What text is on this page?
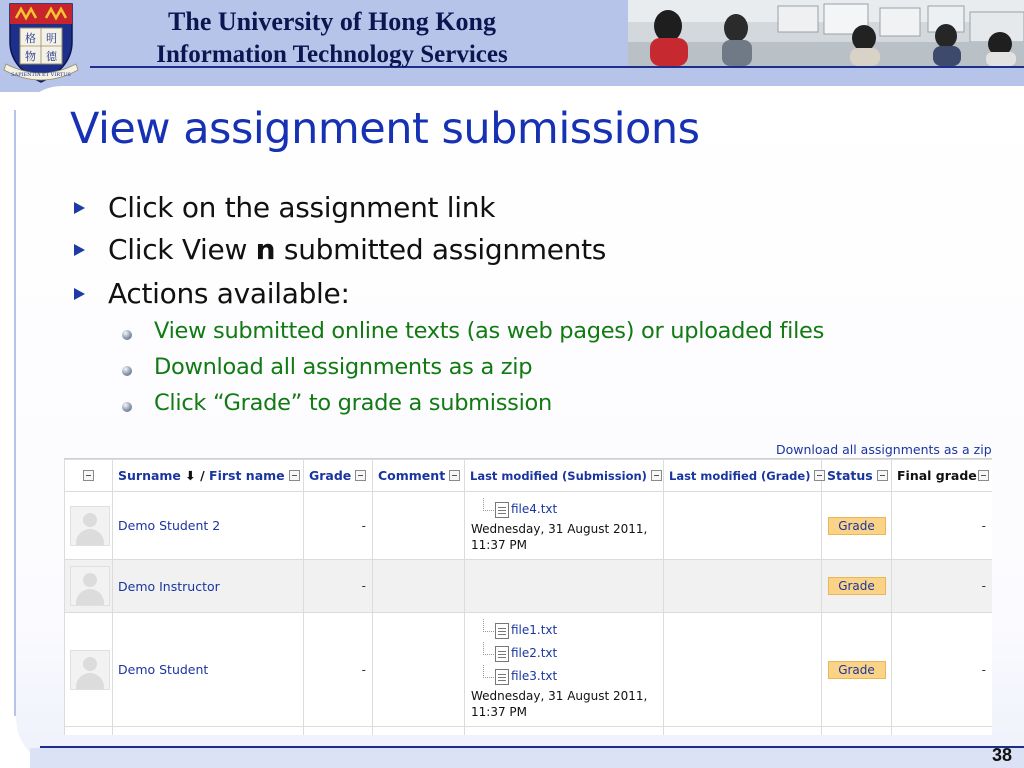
格 明
物 德
SAPIENTIA ET VIRTUS
The University of Hong Kong
Information Technology Services
View assignment submissions
Click on the assignment link
Click View n submitted assignments
Actions available:
View submitted online texts (as web pages) or uploaded files
Download all assignments as a zip
Click “Grade” to grade a submission
Download all assignments as a zip
	Surname ⬇ / First name	Grade	Comment	Last modified (Submission)	Last modified (Grade)	Status	Final grade

	Demo Student 2	-		file4.txt
Wednesday, 31 August 2011,
11:37 PM		Grade	-

	Demo Instructor	-				Grade	-

	Demo Student	-		file1.txt
file2.txt
file3.txt
Wednesday, 31 August 2011,
11:37 PM		Grade	-

38
